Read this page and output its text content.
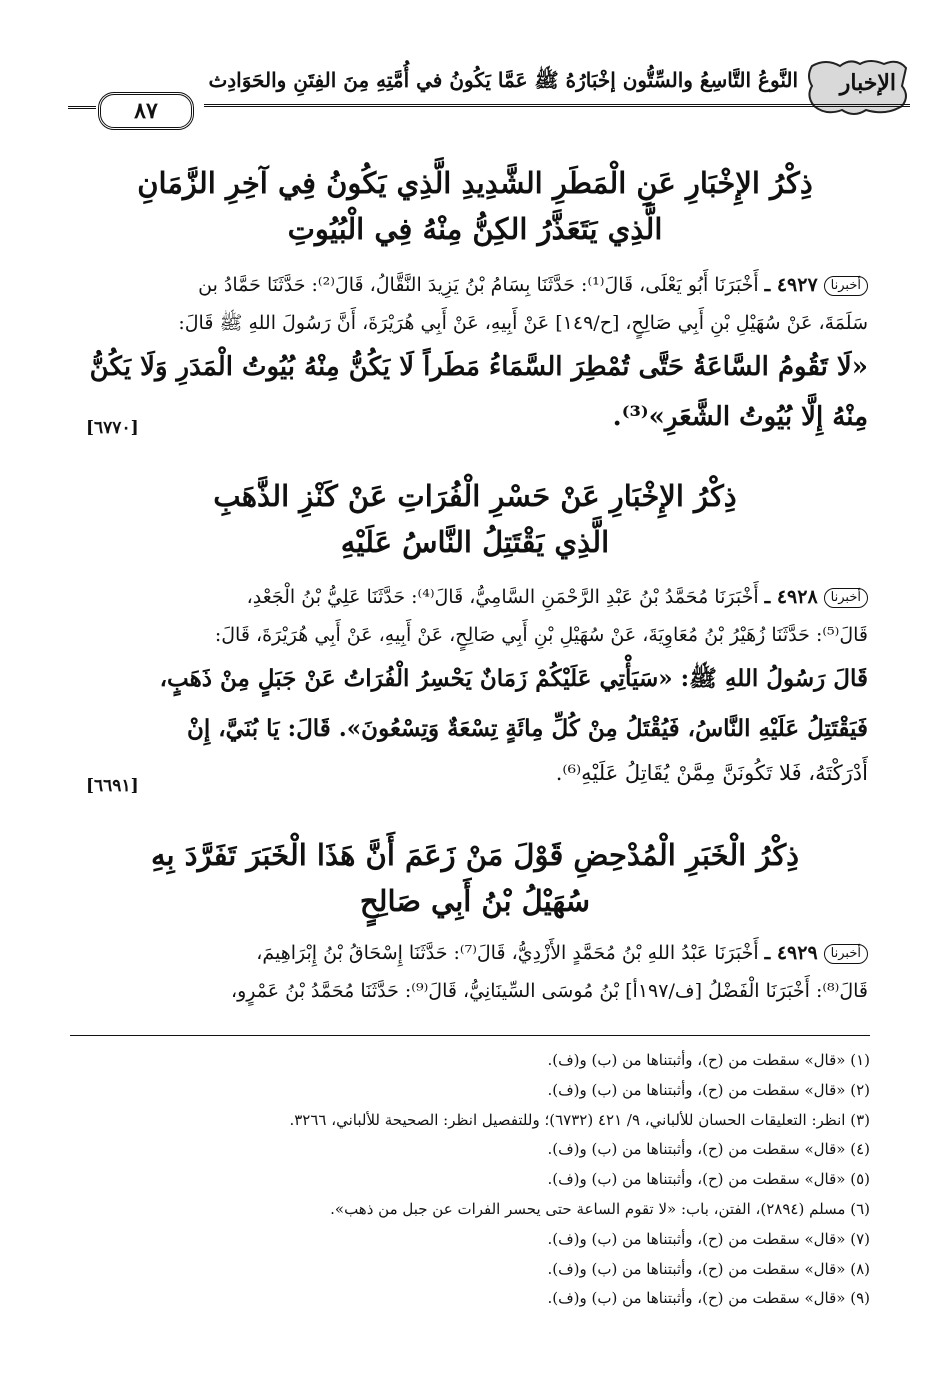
الإخبار
النَّوعُ التَّاسِعُ والسِّتُّون إخْبَارُهُ ﷺ عَمَّا يَكُونُ في أُمَّتِهِ مِنَ الفِتَنِ والحَوَادِث
٨٧
ذِكْرُ الإِخْبَارِ عَنِ الْمَطَرِ الشَّدِيدِ الَّذِي يَكُونُ فِي آخِرِ الزَّمَانِ
الَّذِي يَتَعَذَّرُ الكِنُّ مِنْهُ فِي الْبُيُوتِ
أخبرنا٤٩٢٧ ـ أَخْبَرَنَا أَبُو يَعْلَى، قَالَ⁽¹⁾: حَدَّثَنَا بِسَامُ بْنُ يَزِيدَ النَّقَّالُ، قَالَ⁽²⁾: حَدَّثَنَا حَمَّادُ بن
سَلَمَةَ، عَنْ سُهَيْلِ بْنِ أَبِي صَالِحٍ، [ح/١٤٩] عَنْ أَبِيهِ، عَنْ أَبِي هُرَيْرَةَ، أَنَّ رَسُولَ اللهِ ﷺ قَالَ:
«لَا تَقُومُ السَّاعَةُ حَتَّى تُمْطِرَ السَّمَاءُ مَطَراً لَا يَكُنُّ مِنْهُ بُيُوتُ الْمَدَرِ وَلَا يَكُنُّ
مِنْهُ إِلَّا بُيُوتُ الشَّعَرِ»⁽³⁾.
[٦٧٧٠]
ذِكْرُ الإِخْبَارِ عَنْ حَسْرِ الْفُرَاتِ عَنْ كَنْزِ الذَّهَبِ
الَّذِي يَقْتَتِلُ النَّاسُ عَلَيْهِ
أخبرنا٤٩٢٨ ـ أَخْبَرَنَا مُحَمَّدُ بْنُ عَبْدِ الرَّحْمَنِ السَّامِيُّ، قَالَ⁽⁴⁾: حَدَّثَنَا عَلِيُّ بْنُ الْجَعْدِ،
قَالَ⁽⁵⁾: حَدَّثَنَا زُهَيْرُ بْنُ مُعَاوِيَةَ، عَنْ سُهَيْلِ بْنِ أَبِي صَالِحٍ، عَنْ أَبِيهِ، عَنْ أَبِي هُرَيْرَةَ، قَالَ:
قَالَ رَسُولُ اللهِ ﷺ: «سَيَأْتِي عَلَيْكُمْ زَمَانٌ يَحْسِرُ الْفُرَاتُ عَنْ جَبَلٍ مِنْ ذَهَبٍ،
فَيَقْتَتِلُ عَلَيْهِ النَّاسُ، فَيُقْتَلُ مِنْ كُلِّ مِائَةٍ تِسْعَةٌ وَتِسْعُونَ». قَالَ: يَا بُنَيَّ، إِنْ
أَدْرَكْتَهُ، فَلا تَكُونَنَّ مِمَّنْ يُقَاتِلُ عَلَيْهِ⁽⁶⁾.
[٦٦٩١]
ذِكْرُ الْخَبَرِ الْمُدْحِضِ قَوْلَ مَنْ زَعَمَ أَنَّ هَذَا الْخَبَرَ تَفَرَّدَ بِهِ
سُهَيْلُ بْنُ أَبِي صَالِحٍ
أخبرنا٤٩٢٩ ـ أَخْبَرَنَا عَبْدُ اللهِ بْنُ مُحَمَّدٍ الأَزْدِيُّ، قَالَ⁽⁷⁾: حَدَّثَنَا إِسْحَاقُ بْنُ إِبْرَاهِيمَ،
قَالَ⁽⁸⁾: أَخْبَرَنَا الْفَضْلُ [ف/١٩٧أ] بْنُ مُوسَى السِّينَانِيُّ، قَالَ⁽⁹⁾: حَدَّثَنَا مُحَمَّدُ بْنُ عَمْرٍو،
(١) «قال» سقطت من (ح)، وأثبتناها من (ب) و(ف).
(٢) «قال» سقطت من (ح)، وأثبتناها من (ب) و(ف).
(٣) انظر: التعليقات الحسان للألباني، ٩/ ٤٢١ (٦٧٣٢)؛ وللتفصيل انظر: الصحيحة للألباني، ٣٢٦٦.
(٤) «قال» سقطت من (ح)، وأثبتناها من (ب) و(ف).
(٥) «قال» سقطت من (ح)، وأثبتناها من (ب) و(ف).
(٦) مسلم (٢٨٩٤)، الفتن، باب: «لا تقوم الساعة حتى يحسر الفرات عن جبل من ذهب».
(٧) «قال» سقطت من (ح)، وأثبتناها من (ب) و(ف).
(٨) «قال» سقطت من (ح)، وأثبتناها من (ب) و(ف).
(٩) «قال» سقطت من (ح)، وأثبتناها من (ب) و(ف).
